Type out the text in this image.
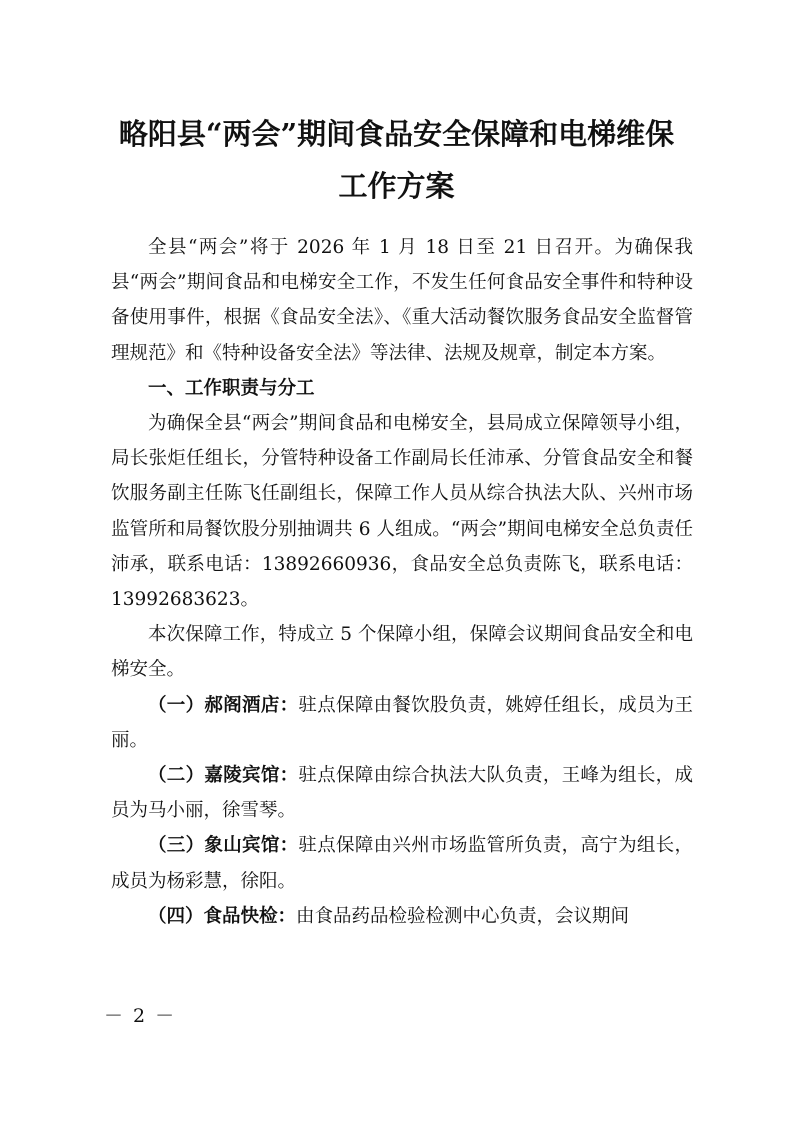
略阳县“两会”期间食品安全保障和电梯维保
工作方案

全县“两会”将于 2026 年 1 月 18 日至 21 日召开。为确保我县“两会”期间食品和电梯安全工作，不发生任何食品安全事件和特种设备使用事件，根据《食品安全法》、《重大活动餐饮服务食品安全监督管理规范》和《特种设备安全法》等法律、法规及规章，制定本方案。

一、工作职责与分工

为确保全县“两会”期间食品和电梯安全，县局成立保障领导小组，局长张炬任组长，分管特种设备工作副局长任沛承、分管食品安全和餐饮服务副主任陈飞任副组长，保障工作人员从综合执法大队、兴州市场监管所和局餐饮股分别抽调共 6 人组成。“两会”期间电梯安全总负责任沛承，联系电话：13892660936，食品安全总负责陈飞，联系电话：13992683623。

本次保障工作，特成立 5 个保障小组，保障会议期间食品安全和电梯安全。

（一）郝阁酒店：驻点保障由餐饮股负责，姚婷任组长，成员为王丽。

（二）嘉陵宾馆：驻点保障由综合执法大队负责，王峰为组长，成员为马小丽，徐雪琴。

（三）象山宾馆：驻点保障由兴州市场监管所负责，高宁为组长，成员为杨彩慧，徐阳。

（四）食品快检：由食品药品检验检测中心负责，会议期间

－ 2 －
